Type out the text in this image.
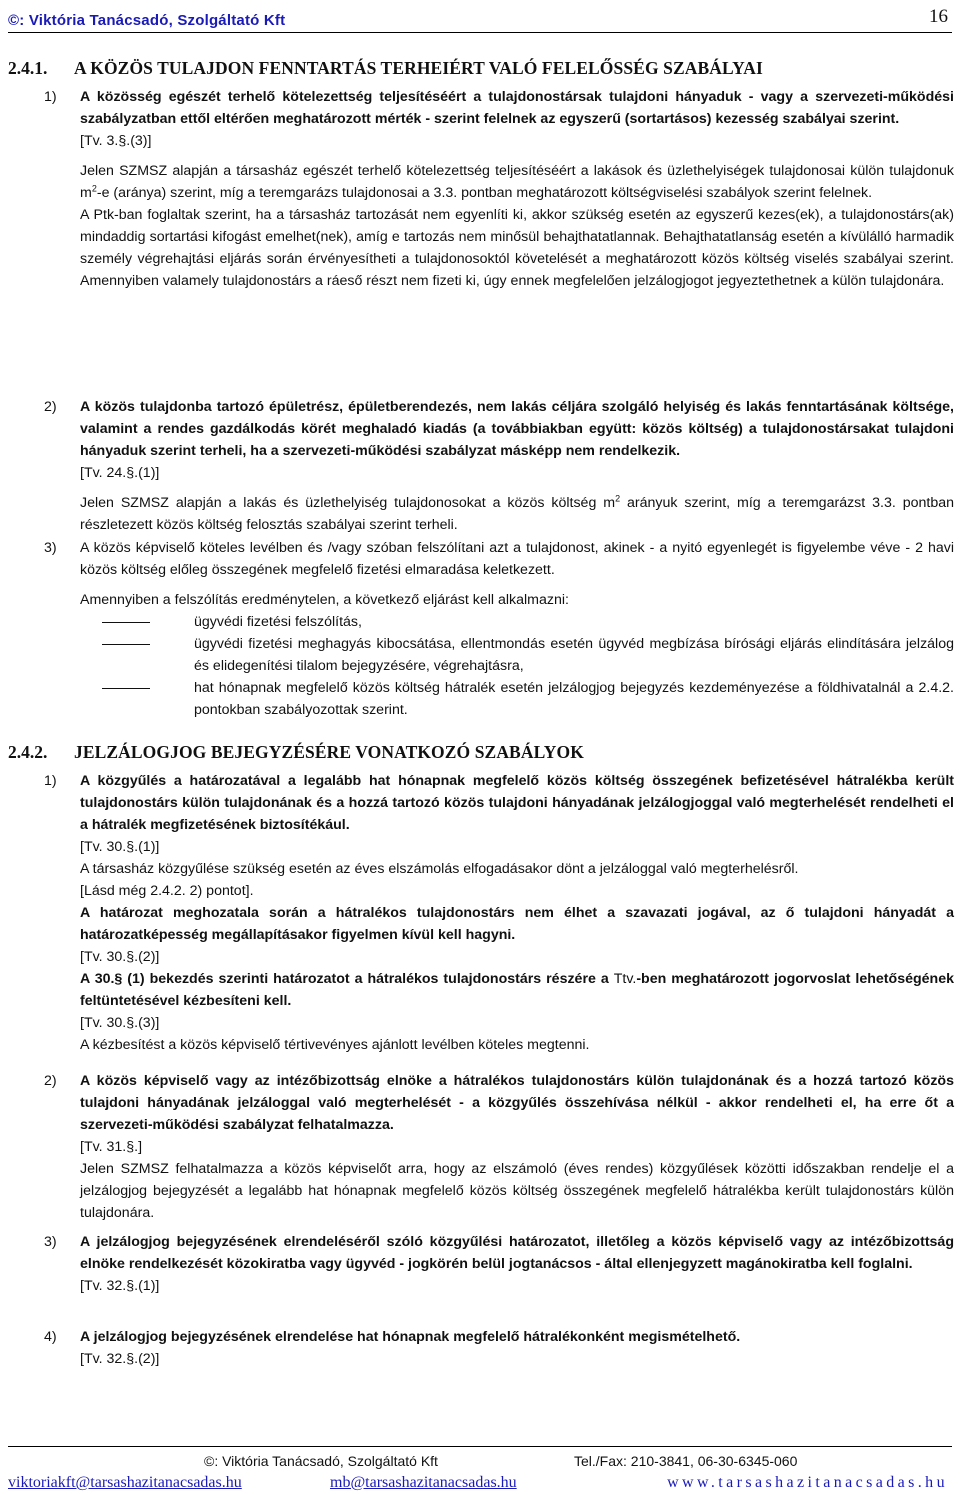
©: Viktória Tanácsadó, Szolgáltató Kft	16
2.4.1. A KÖZÖS TULAJDON FENNTARTÁS TERHEIÉRT VALÓ FELELŐSSÉG SZABÁLYAI
1)	A közösség egészét terhelő kötelezettség teljesítéséért a tulajdonostársak tulajdoni hányaduk - vagy a szervezeti-működési szabályzatban ettől eltérően meghatározott mérték - szerint felelnek az egyszerű (sortartásos) kezesség szabályai szerint.

[Tv. 3.§.(3)]

Jelen SZMSZ alapján a társasház egészét terhelő kötelezettség teljesítéséért a lakások és üzlethelyiségek tulajdonosai külön tulajdonuk $m^2-e$ (aránya) szerint, míg a teremgarázs tulajdonosai a 3.3. pontban meghatározott költségviselési szabályok szerint felelnek.

A Ptk-ban foglaltak szerint, ha a társasház tartozását nem egyenlíti ki, akkor szükség esetén az egyszerű kezes(ek), a tulajdonostárs(ak) mindaddig sortartási kifogást emelhet(nek), amíg e tartozás nem minősül behajthatatlannak. Behajthatatlanság esetén a kívülálló harmadik személy végrehajtási eljárás során érvényesítheti a tulajdonosoktól követelését a meghatározott közös költség viselés szabályai szerint. Amennyiben valamely tulajdonostárs a ráeső részt nem fizeti ki, úgy ennek megfelelően jelzálogjogot jegyeztethetnek a külön tulajdonára.

2)	A közös tulajdonba tartozó épületrész, épületberendezés, nem lakás céljára szolgáló helyiség és lakás fenntartásának költsége, valamint a rendes gazdálkodás körét meghaladó kiadás (a továbbiakban együtt: közös költség) a tulajdonostársakat tulajdoni hányaduk szerint terheli, ha a szervezeti-működési szabályzat másképp nem rendelkezik.

[Tv. 24.§.(1)]

Jelen SZMSZ alapján a lakás és üzlethelyiség tulajdonosokat a közös költség $m^2$ arányuk szerint, míg a teremgarázst 3.3. pontban részletezett közös költség felosztás szabályai szerint terheli.

3)	A közös képviselő köteles levélben és /vagy szóban felszólítani azt a tulajdonost, akinek - a nyitó egyenlegét is figyelembe véve - 2 havi közös költség előleg összegének megfelelő fizetési elmaradása keletkezett.

Amennyiben a felszólítás eredménytelen, a következő eljárást kell alkalmazni:

ügyvédi fizetési felszólítás,
ügyvédi fizetési meghagyás kibocsátása, ellentmondás esetén ügyvéd megbízása bírósági eljárás elindítására jelzálog és elidegenítési tilalom bejegyzésére, végrehajtásra,
hat hónapnak megfelelő közös költség hátralék esetén jelzálogjog bejegyzés kezdeményezése a földhivatalnál a 2.4.2. pontokban szabályozottak szerint.
2.4.2. JELZÁLOGJOG BEJEGYZÉSÉRE VONATKOZÓ SZABÁLYOK
1)	A közgyűlés a határozatával a legalább hat hónapnak megfelelő közös költség összegének befizetésével hátralékba került tulajdonostárs külön tulajdonának és a hozzá tartozó közös tulajdoni hányadának jelzálogjoggal való megterhelését rendelheti el a hátralék megfizetésének biztosítékául.

[Tv. 30.§.(1)]

A társasház közgyűlése szükség esetén az éves elszámolás elfogadásakor dönt a jelzáloggal való megterhelésről.

[Lásd még 2.4.2. 2) pontot].

A határozat meghozatala során a hátralékos tulajdonostárs nem élhet a szavazati jogával, az ő tulajdoni hányadát a határozatképesség megállapításakor figyelmen kívül kell hagyni.

[Tv. 30.§.(2)]

A 30.§ (1) bekezdés szerinti határozatot a hátralékos tulajdonostárs részére a Ttv.-ben meghatározott jogorvoslat lehetőségének feltüntetésével kézbesíteni kell.

[Tv. 30.§.(3)]

A kézbesítést a közös képviselő tértivevényes ajánlott levélben köteles megtenni.

2)	A közös képviselő vagy az intézőbizottság elnöke a hátralékos tulajdonostárs külön tulajdonának és a hozzá tartozó közös tulajdoni hányadának jelzáloggal való megterhelését - a közgyűlés összehívása nélkül - akkor rendelheti el, ha erre őt a szervezeti-működési szabályzat felhatalmazza.

[Tv. 31.§.]

Jelen SZMSZ felhatalmazza a közös képviselőt arra, hogy az elszámoló (éves rendes) közgyűlések közötti időszakban rendelje el a jelzálogjog bejegyzését a legalább hat hónapnak megfelelő közös költség összegének megfelelő hátralékba került tulajdonostárs külön tulajdonára.

3)	A jelzálogjog bejegyzésének elrendeléséről szóló közgyűlési határozatot, illetőleg a közös képviselő vagy az intézőbizottság elnöke rendelkezését közokiratba vagy ügyvéd - jogkörén belül jogtanácsos - által ellenjegyzett magánokiratba kell foglalni.

[Tv. 32.§.(1)]

4)	A jelzálogjog bejegyzésének elrendelése hat hónapnak megfelelő hátralékonként megismételhető.

[Tv. 32.§.(2)]

©: Viktória Tanácsadó, Szolgáltató Kft	Tel./Fax: 210-3841, 06-30-6345-060
viktoriakft@tarsashazitanacsadas.hu	mb@tarsashazitanacsadas.hu	www.tarsashazitanacsadas.hu
